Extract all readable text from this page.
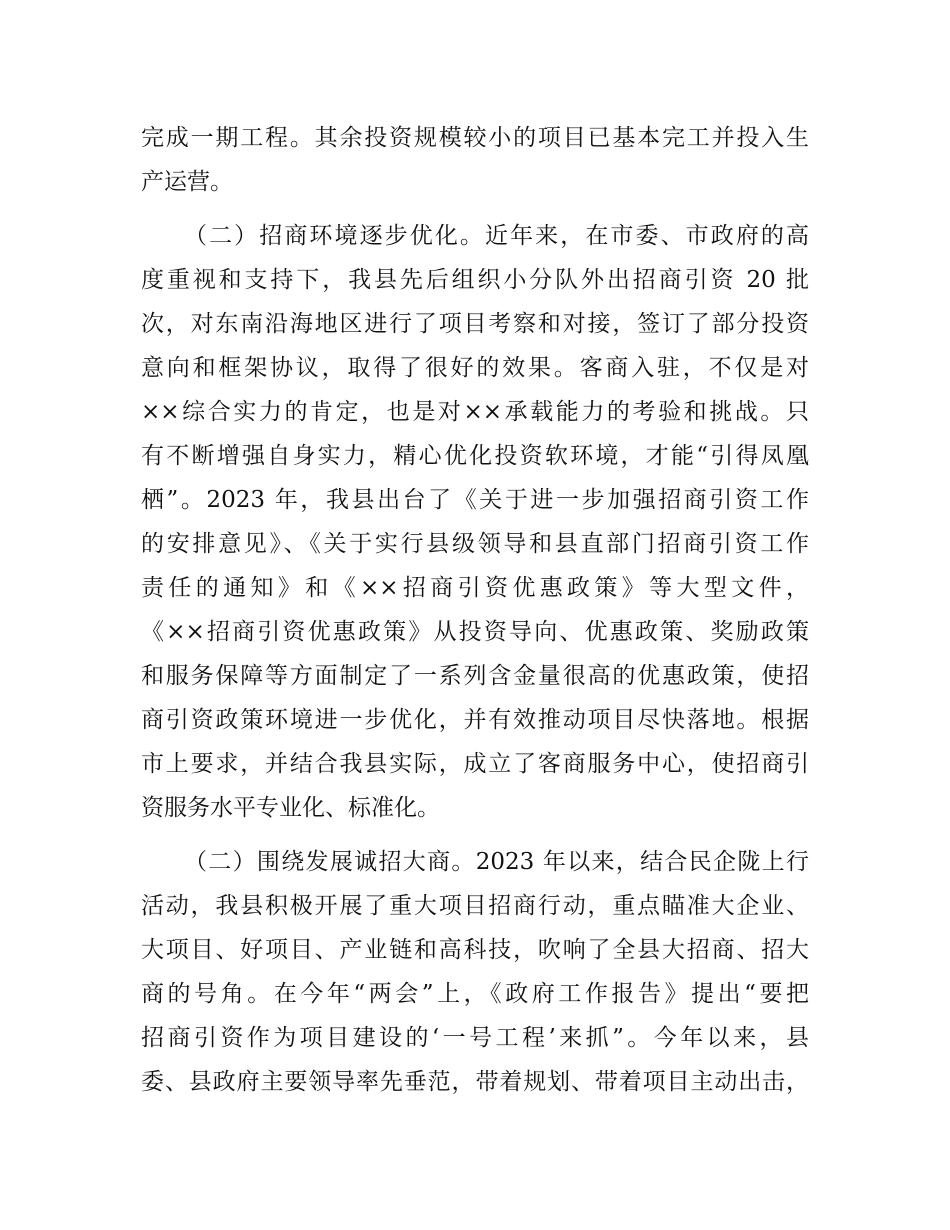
完成一期工程。其余投资规模较小的项目已基本完工并投入生
产运营。
（二）招商环境逐步优化。近年来，在市委、市政府的高
度重视和支持下，我县先后组织小分队外出招商引资 20 批
次，对东南沿海地区进行了项目考察和对接，签订了部分投资
意向和框架协议，取得了很好的效果。客商入驻，不仅是对
××综合实力的肯定，也是对××承载能力的考验和挑战。只
有不断增强自身实力，精心优化投资软环境，才能“引得凤凰
栖”。2023 年，我县出台了《关于进一步加强招商引资工作
的安排意见》、《关于实行县级领导和县直部门招商引资工作
责任的通知》和《××招商引资优惠政策》等大型文件，
《××招商引资优惠政策》从投资导向、优惠政策、奖励政策
和服务保障等方面制定了一系列含金量很高的优惠政策，使招
商引资政策环境进一步优化，并有效推动项目尽快落地。根据
市上要求，并结合我县实际，成立了客商服务中心，使招商引
资服务水平专业化、标准化。
（二）围绕发展诚招大商。2023 年以来，结合民企陇上行
活动，我县积极开展了重大项目招商行动，重点瞄准大企业、
大项目、好项目、产业链和高科技，吹响了全县大招商、招大
商的号角。在今年“两会”上，《政府工作报告》提出“要把
招商引资作为项目建设的‘一号工程’来抓”。今年以来，县
委、县政府主要领导率先垂范，带着规划、带着项目主动出击，
